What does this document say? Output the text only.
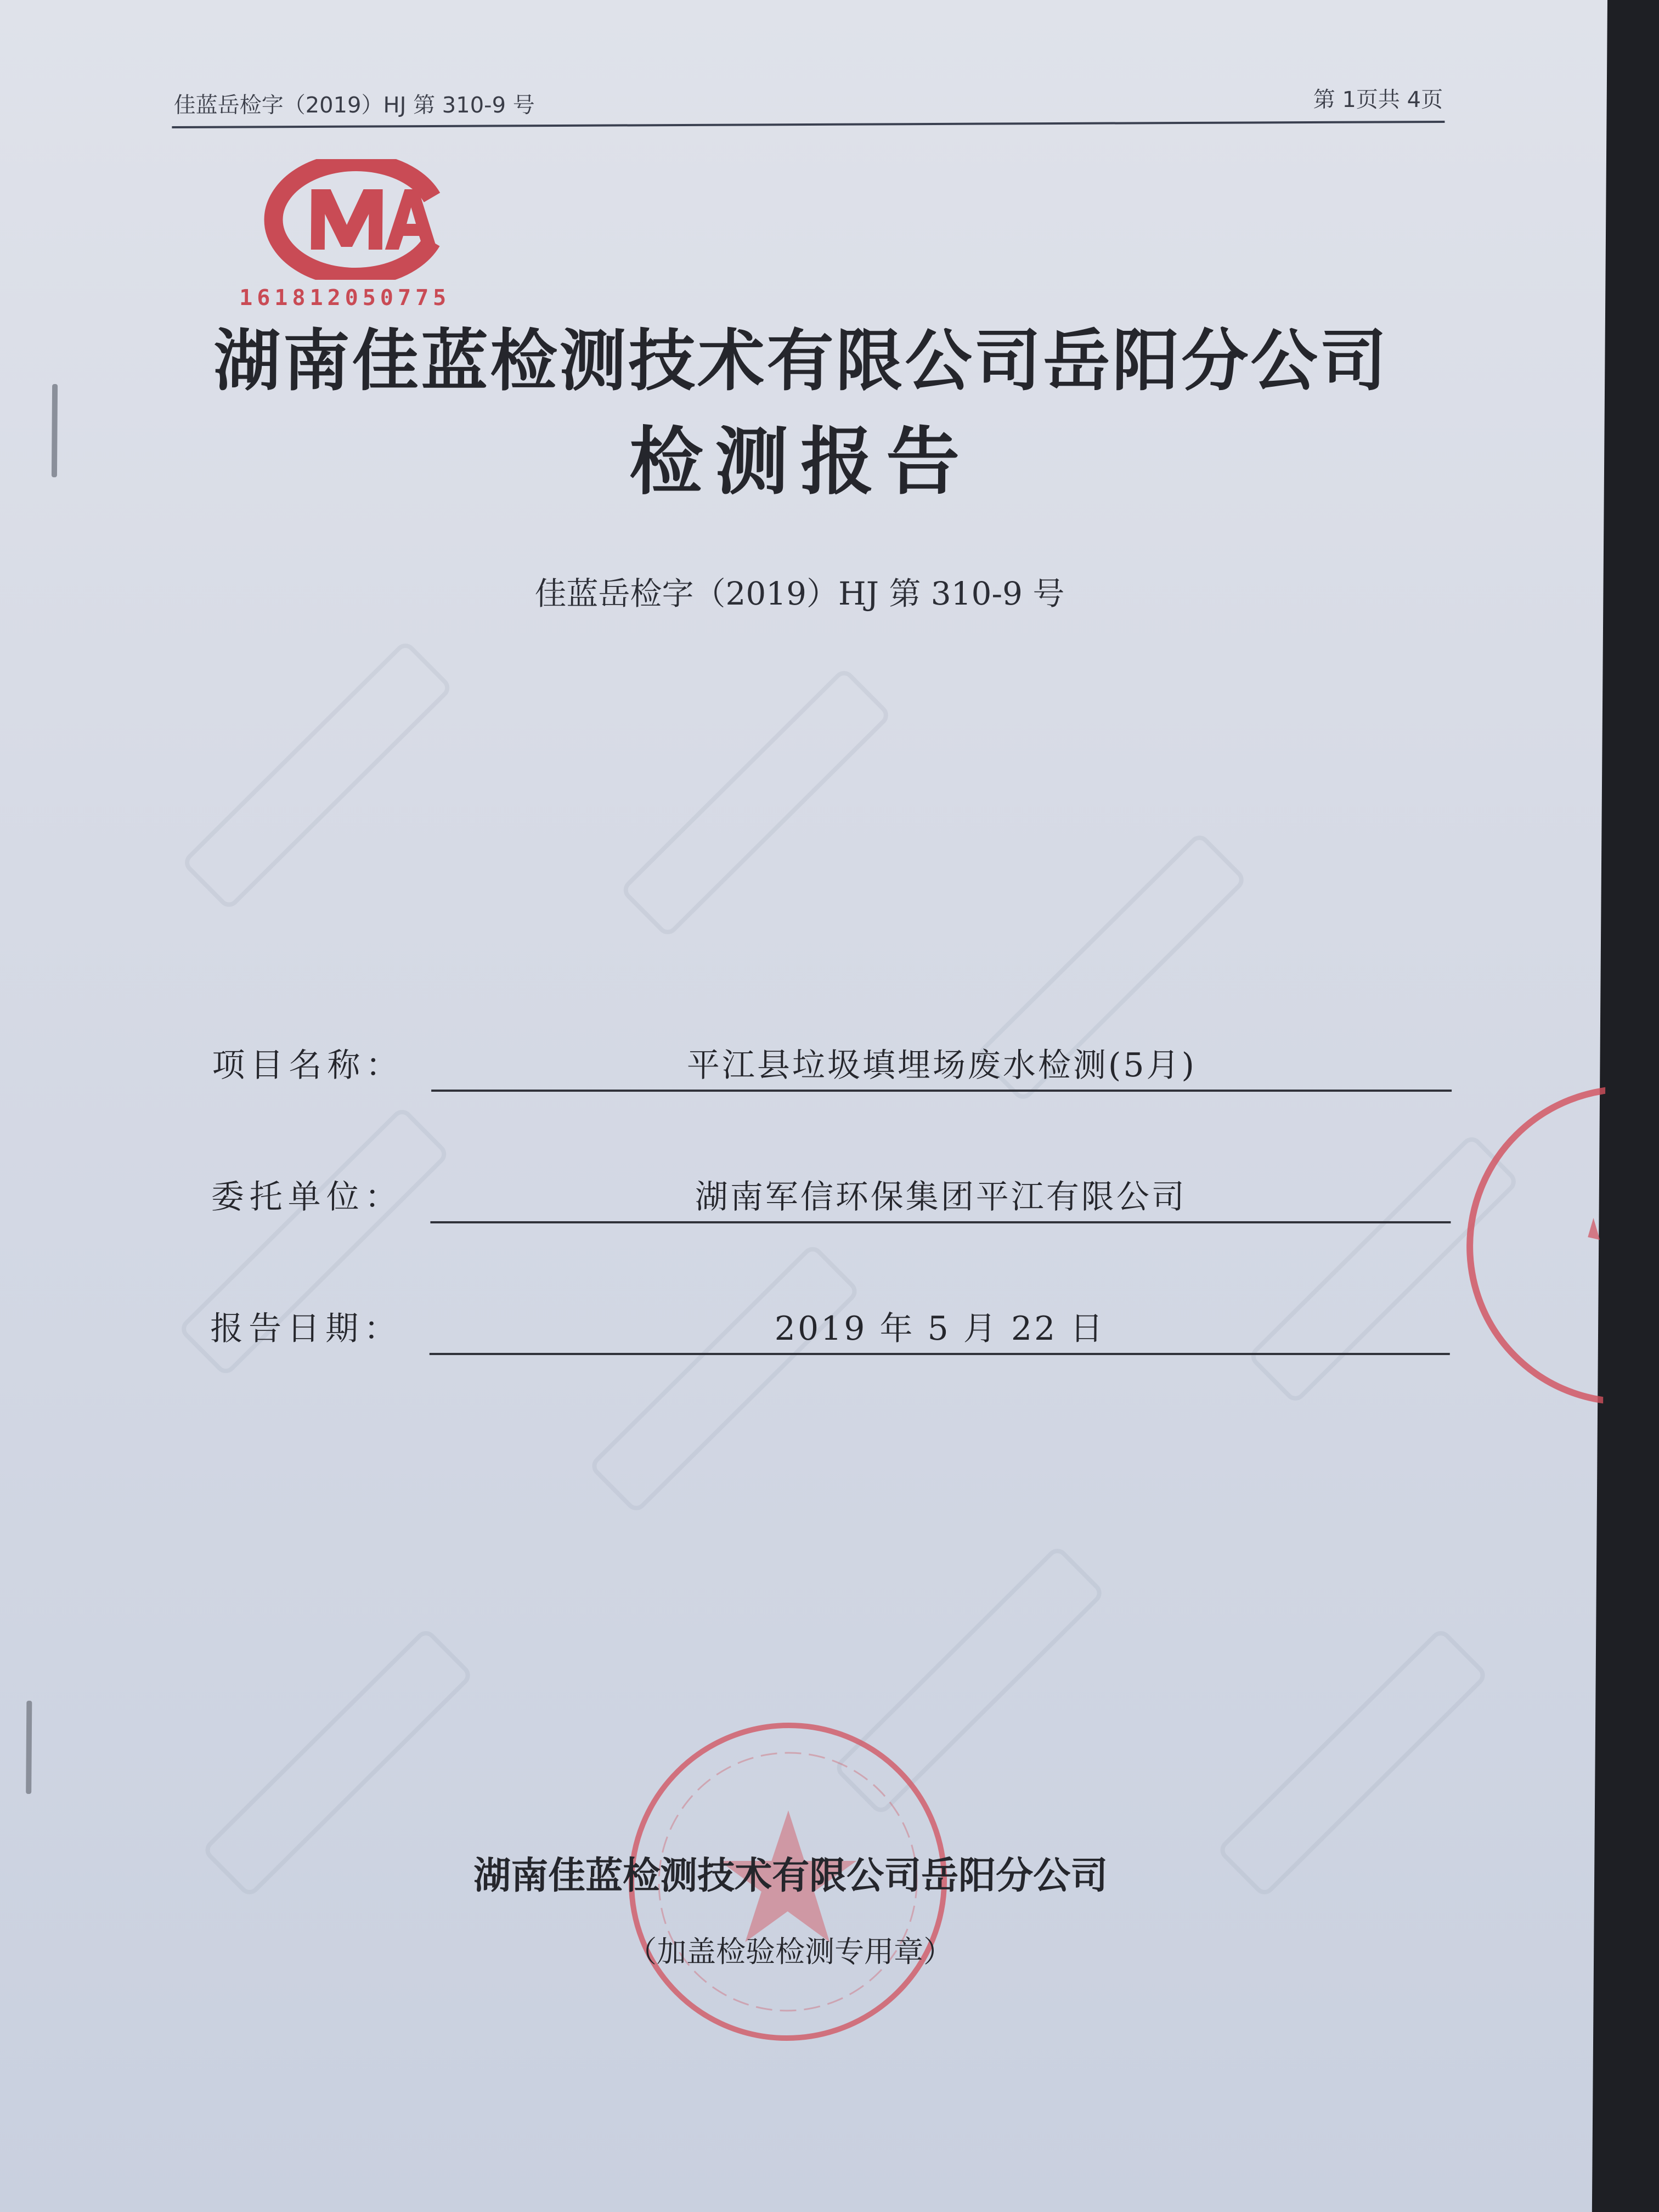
佳蓝岳检字（2019）HJ 第 310-9 号	第 1页共 4页
161812050775
湖南佳蓝检测技术有限公司岳阳分公司
检测报告
佳蓝岳检字（2019）HJ 第 310-9 号
项目名称：	平江县垃圾填埋场废水检测(5月)
委托单位：	湖南军信环保集团平江有限公司
报告日期：	2019 年 5 月 22 日
湖南佳蓝检测技术有限公司岳阳分公司
（加盖检验检测专用章）
